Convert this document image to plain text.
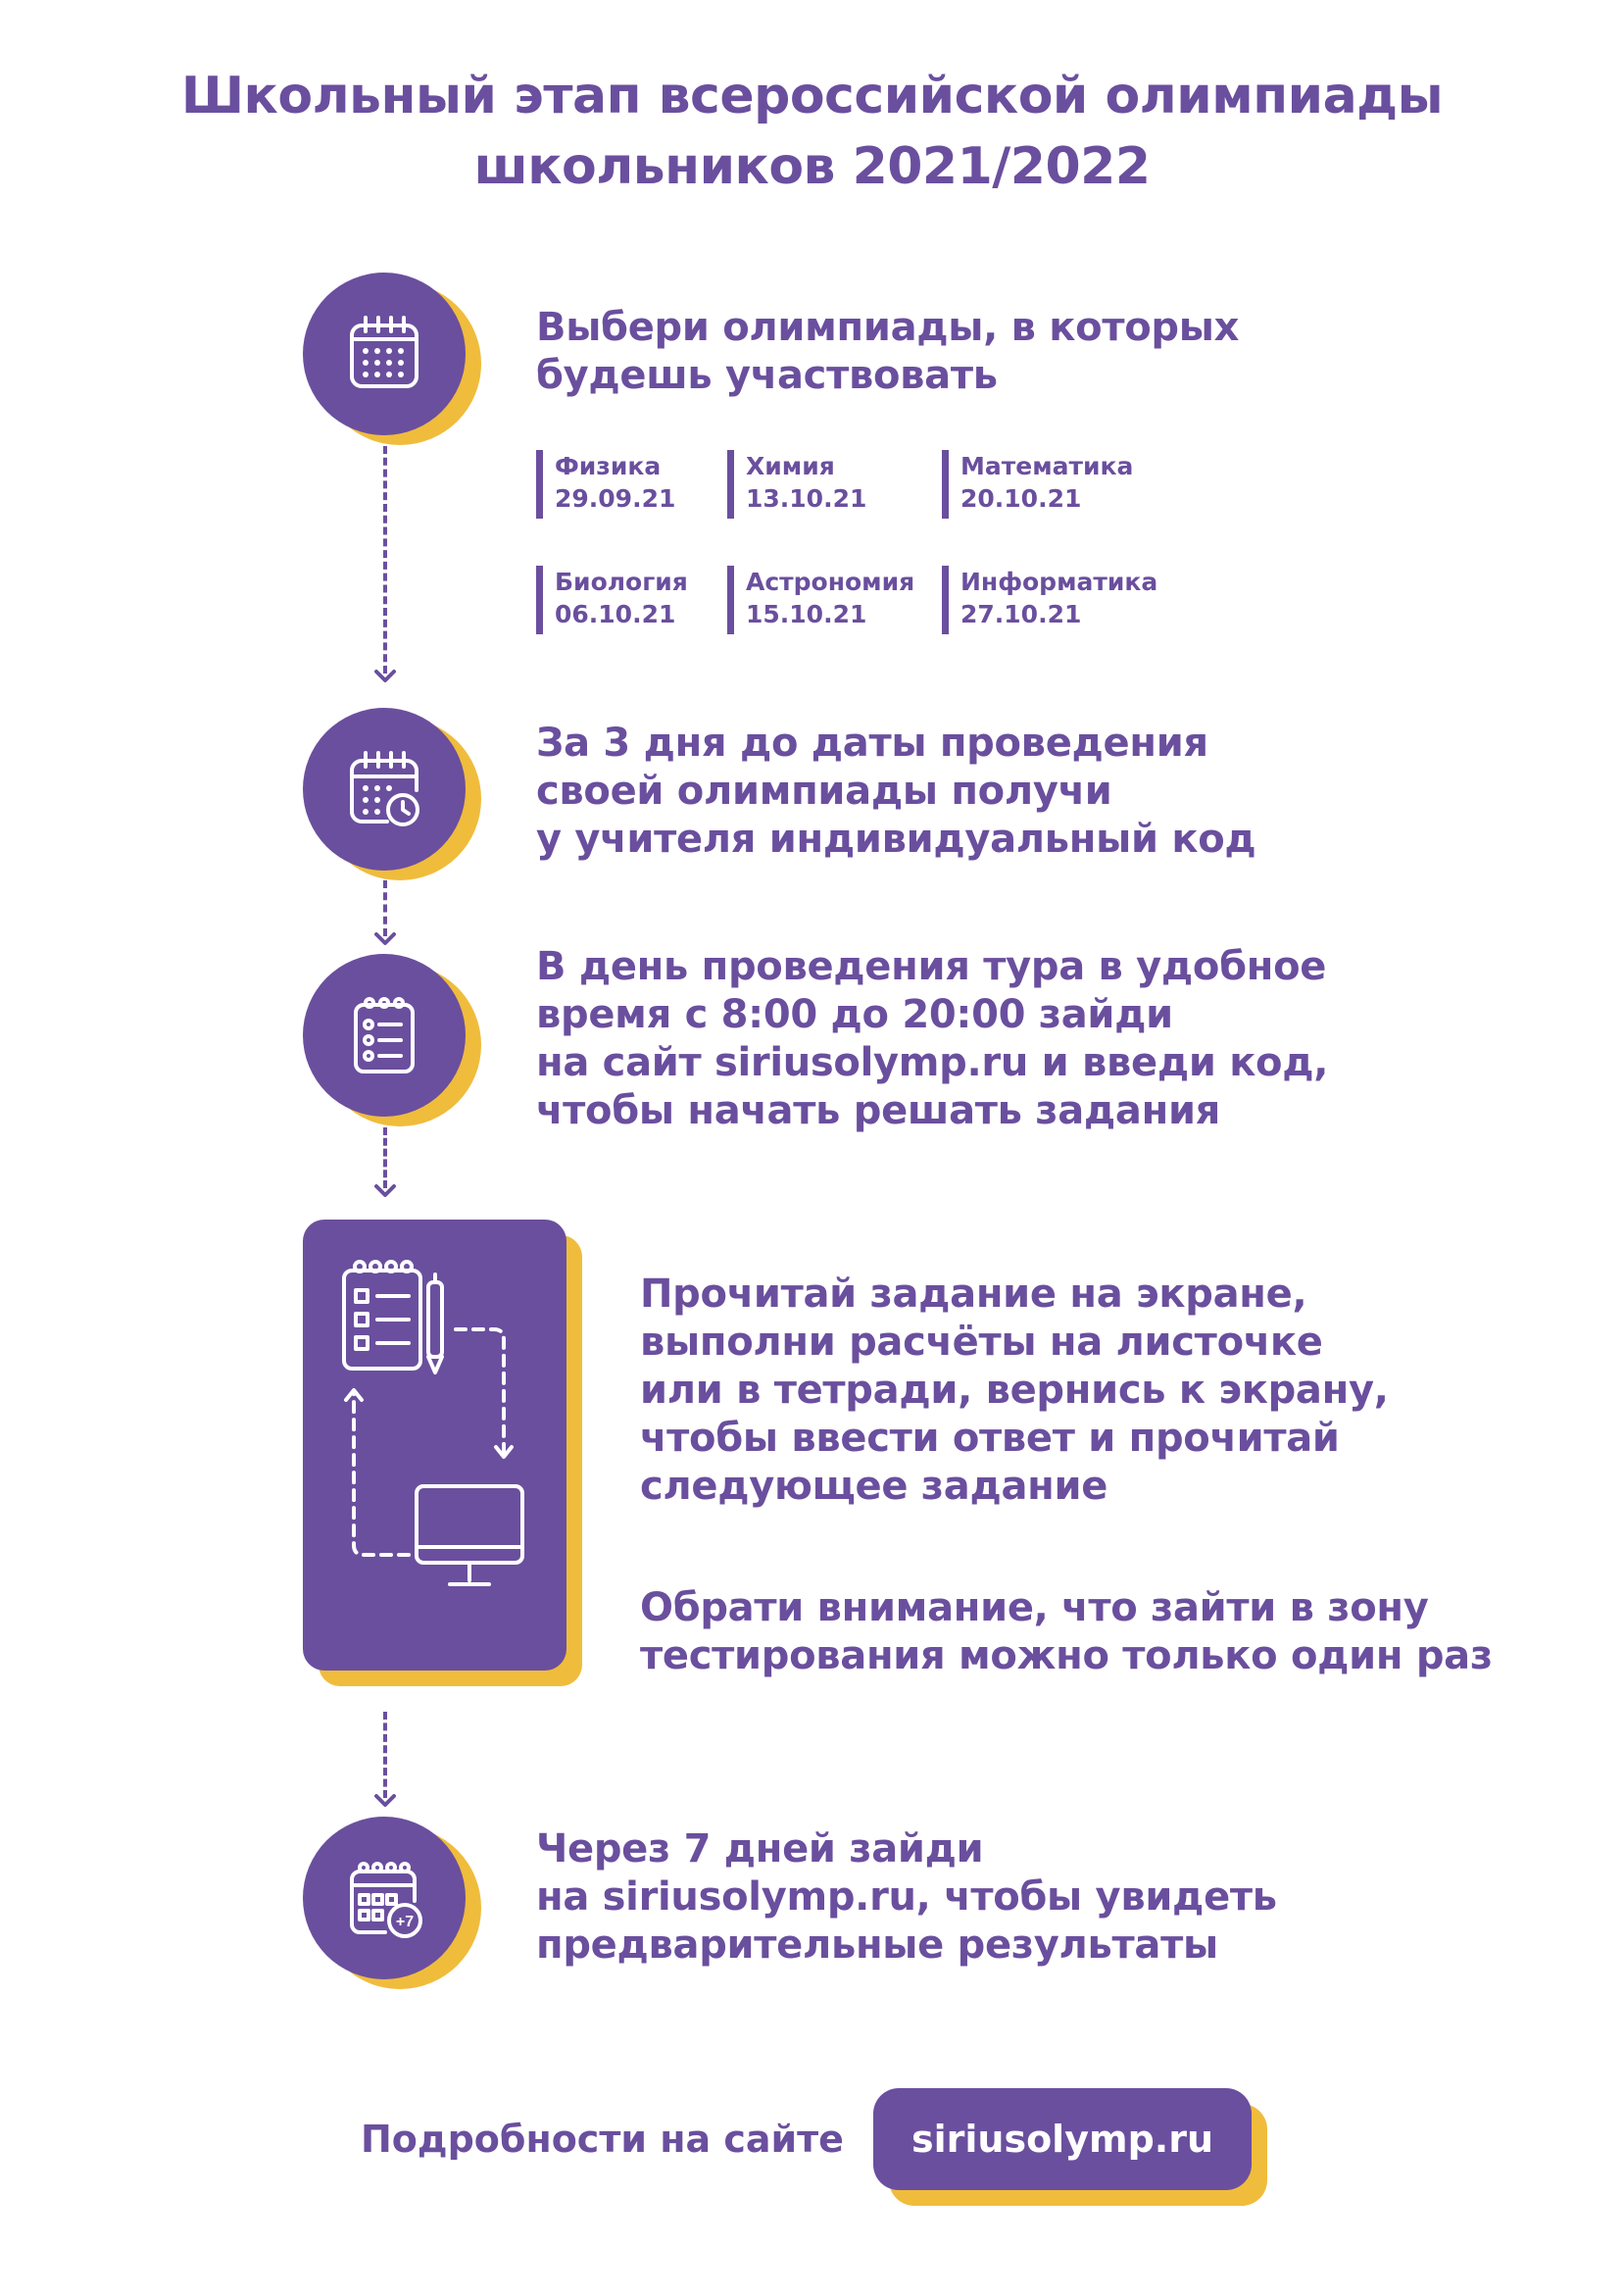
Школьный этап всероссийской олимпиады
школьников 2021/2022

Выбери олимпиады, в которых
будешь участвовать

Физика
29.09.21
Химия
13.10.21
Математика
20.10.21
Биология
06.10.21
Астрономия
15.10.21
Информатика
27.10.21

За 3 дня до даты проведения
своей олимпиады получи
у учителя индивидуальный код

В день проведения тура в удобное
время с 8:00 до 20:00 зайди
на сайт siriusolymp.ru и введи код,
чтобы начать решать задания

Прочитай задание на экране,
выполни расчёты на листочке
или в тетради, вернись к экрану,
чтобы ввести ответ и прочитай
следующее задание

Обрати внимание, что зайти в зону
тестирования можно только один раз

+7

Через 7 дней зайди
на siriusolymp.ru, чтобы увидеть
предварительные результаты

Подробности на сайте	siriusolymp.ru
